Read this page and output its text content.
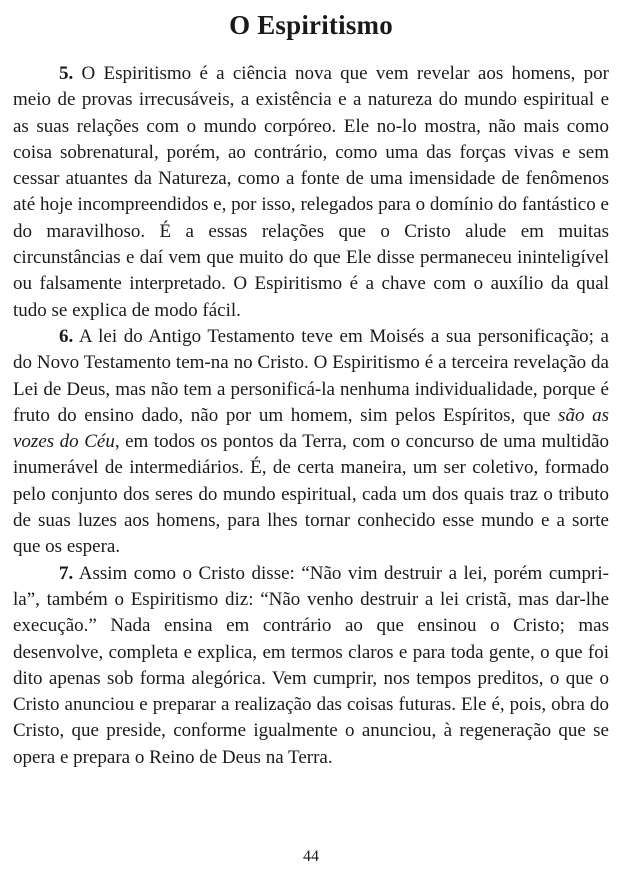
O Espiritismo

5. O Espiritismo é a ciência nova que vem revelar aos homens, por meio de provas irrecusáveis, a existência e a natureza do mundo espiritual e as suas relações com o mundo corpóreo. Ele no-lo mostra, não mais como coisa sobrenatural, porém, ao contrário, como uma das forças vivas e sem cessar atuantes da Natureza, como a fonte de uma imensidade de fenômenos até hoje incompreendidos e, por isso, relegados para o domínio do fantástico e do maravilhoso. É a essas relações que o Cristo alude em muitas circunstâncias e daí vem que muito do que Ele disse permaneceu ininteligível ou falsamente interpretado. O Espiritismo é a chave com o auxílio da qual tudo se explica de modo fácil.

6. A lei do Antigo Testamento teve em Moisés a sua personificação; a do Novo Testamento tem-na no Cristo. O Espiritismo é a terceira revelação da Lei de Deus, mas não tem a personificá-la nenhuma individualidade, porque é fruto do ensino dado, não por um homem, sim pelos Espíritos, que são as vozes do Céu, em todos os pontos da Terra, com o concurso de uma multidão inumerável de intermediários. É, de certa maneira, um ser coletivo, formado pelo conjunto dos seres do mundo espiritual, cada um dos quais traz o tributo de suas luzes aos homens, para lhes tornar conhecido esse mundo e a sorte que os espera.

7. Assim como o Cristo disse: “Não vim destruir a lei, porém cumpri-la”, também o Espiritismo diz: “Não venho destruir a lei cristã, mas dar-lhe execução.” Nada ensina em contrário ao que ensinou o Cristo; mas desenvolve, completa e explica, em termos claros e para toda gente, o que foi dito apenas sob forma alegórica. Vem cumprir, nos tempos preditos, o que o Cristo anunciou e preparar a realização das coisas futuras. Ele é, pois, obra do Cristo, que preside, conforme igualmente o anunciou, à regeneração que se opera e prepara o Reino de Deus na Terra.

44
